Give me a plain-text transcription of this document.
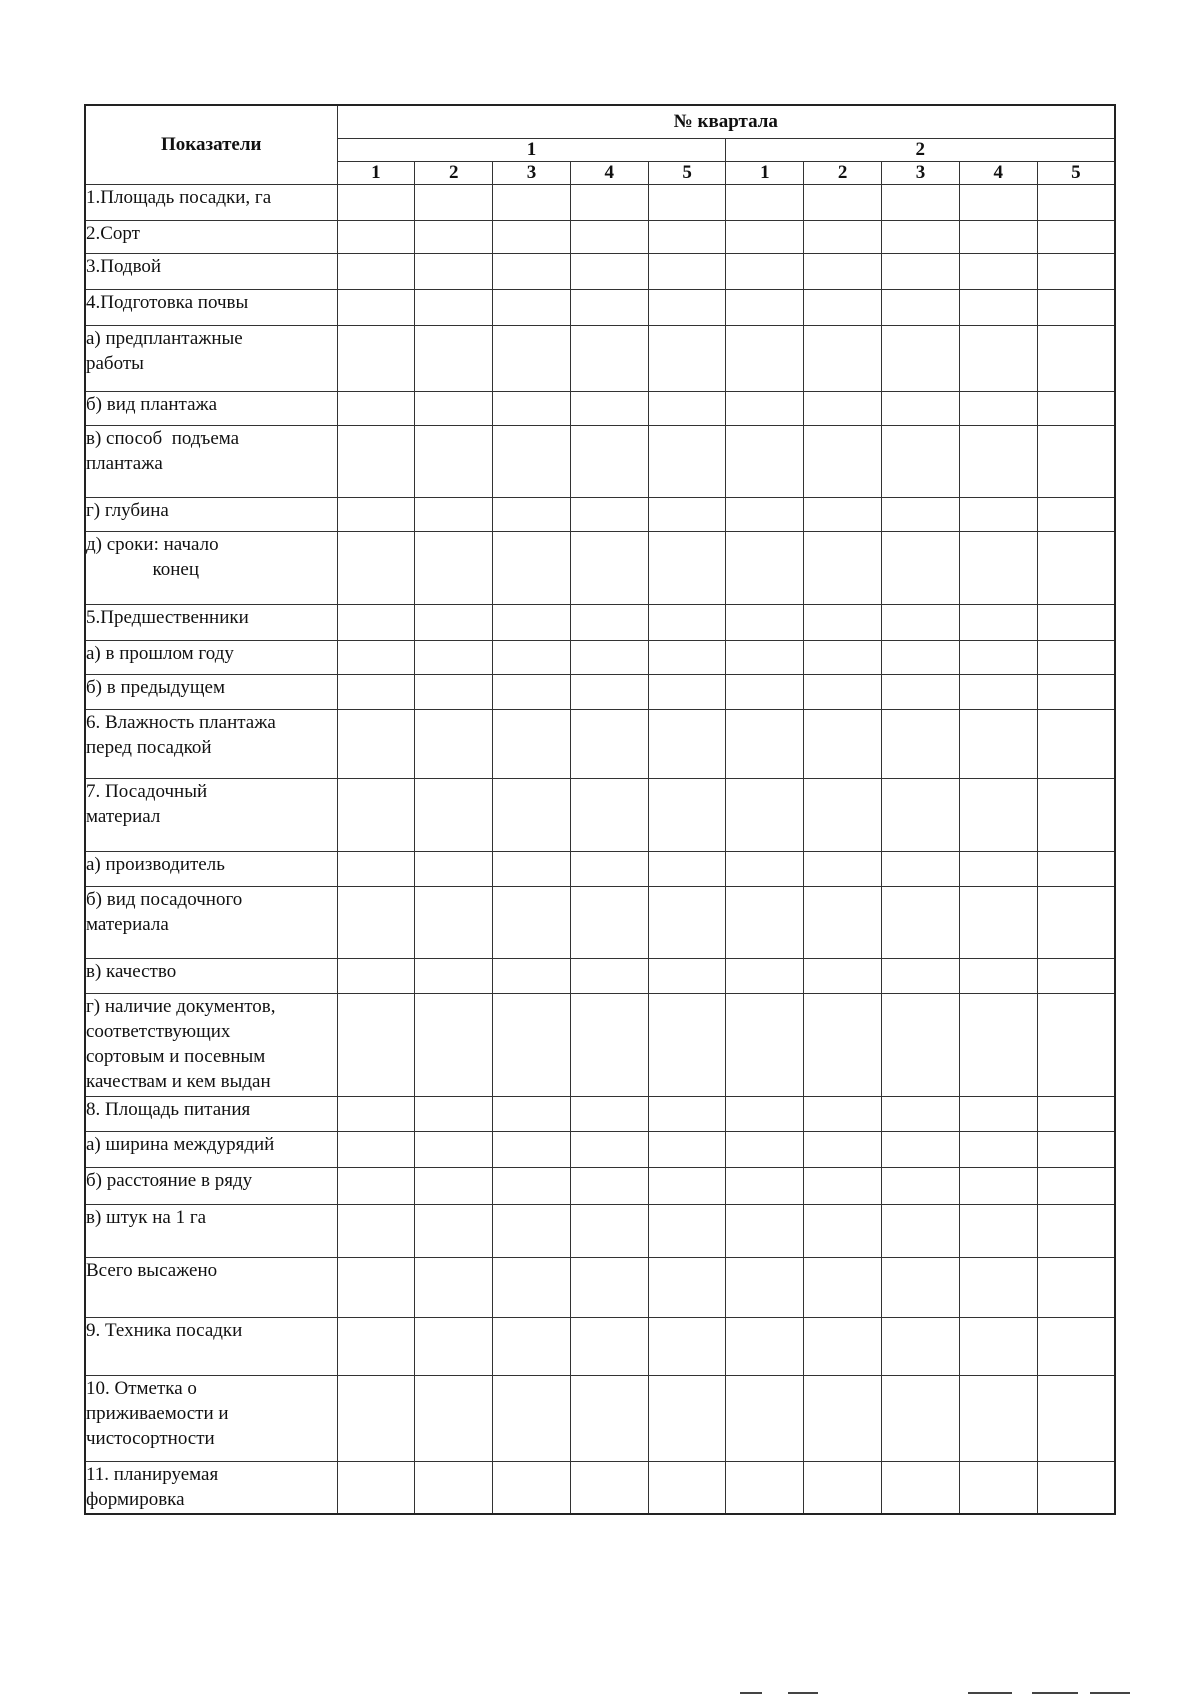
Показатели	№ квартала									
	1					2				
	1	2	3	4	5	1	2	3	4	5

1.Площадь посадки, га										

2.Сорт										

3.Подвой										

4.Подготовка почвы										

а) предплантажные
работы										

б) вид плантажа										

в) способ  подъема
плантажа										

г) глубина										

д) сроки: начало
конец										

5.Предшественники										

а) в прошлом году										

б) в предыдущем										

6. Влажность плантажа
перед посадкой										

7. Посадочный
материал										

а) производитель										

б) вид посадочного
материала										

в) качество										

г) наличие документов,
соответствующих
сортовым и посевным
качествам и кем выдан										

8. Площадь питания										

а) ширина междурядий										

б) расстояние в ряду										

в) штук на 1 га										

Всего высажено										

9. Техника посадки										

10. Отметка о
приживаемости и
чистосортности										

11. планируемая
формировка										
